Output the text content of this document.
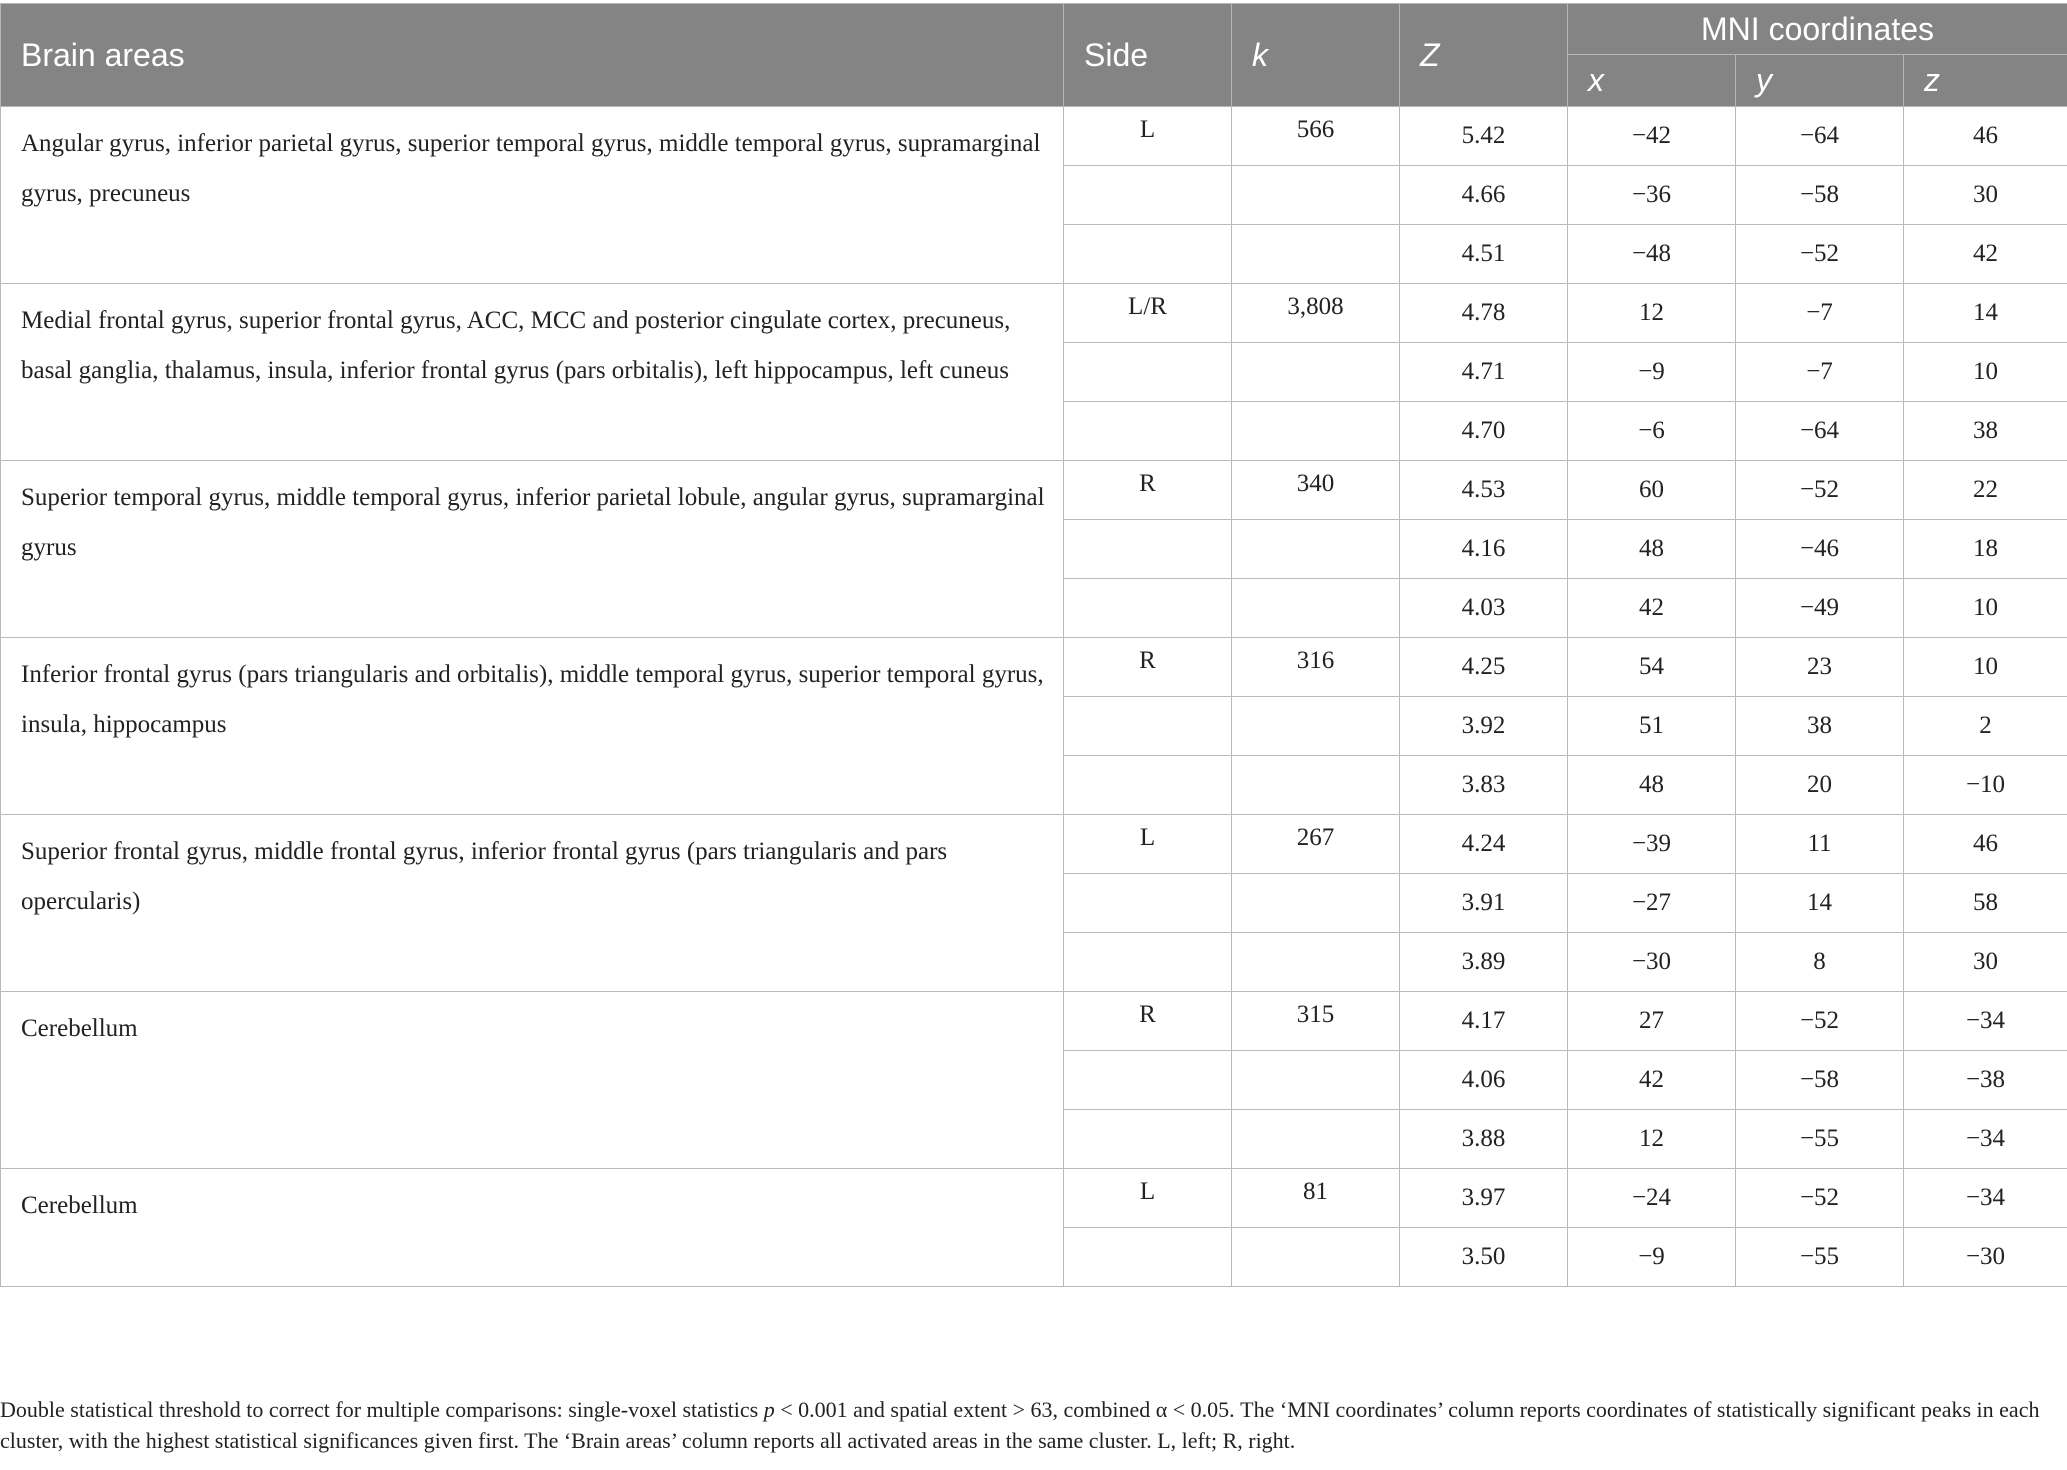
Brain areas	Side	k	Z	MNI coordinates		
				x	y	z
Angular gyrus, inferior parietal gyrus, superior temporal gyrus, middle temporal gyrus, supramarginal gyrus, precuneus	L	566	5.42	−42	−64	46
			4.66	−36	−58	30
			4.51	−48	−52	42
Medial frontal gyrus, superior frontal gyrus, ACC, MCC and posterior cingulate cortex, precuneus, basal ganglia, thalamus, insula, inferior frontal gyrus (pars orbitalis), left hippocampus, left cuneus	L/R	3,808	4.78	12	−7	14
			4.71	−9	−7	10
			4.70	−6	−64	38
Superior temporal gyrus, middle temporal gyrus, inferior parietal lobule, angular gyrus, supramarginal gyrus	R	340	4.53	60	−52	22
			4.16	48	−46	18
			4.03	42	−49	10
Inferior frontal gyrus (pars triangularis and orbitalis), middle temporal gyrus, superior temporal gyrus, insula, hippocampus	R	316	4.25	54	23	10
			3.92	51	38	2
			3.83	48	20	−10
Superior frontal gyrus, middle frontal gyrus, inferior frontal gyrus (pars triangularis and pars opercularis)	L	267	4.24	−39	11	46
			3.91	−27	14	58
			3.89	−30	8	30
Cerebellum	R	315	4.17	27	−52	−34
			4.06	42	−58	−38
			3.88	12	−55	−34
Cerebellum	L	81	3.97	−24	−52	−34
			3.50	−9	−55	−30

Double statistical threshold to correct for multiple comparisons: single-voxel statistics p < 0.001 and spatial extent > 63, combined α < 0.05. The ‘MNI coordinates’ column reports coordinates of statistically significant peaks in each cluster, with the highest statistical significances given first. The ‘Brain areas’ column reports all activated areas in the same cluster. L, left; R, right.
